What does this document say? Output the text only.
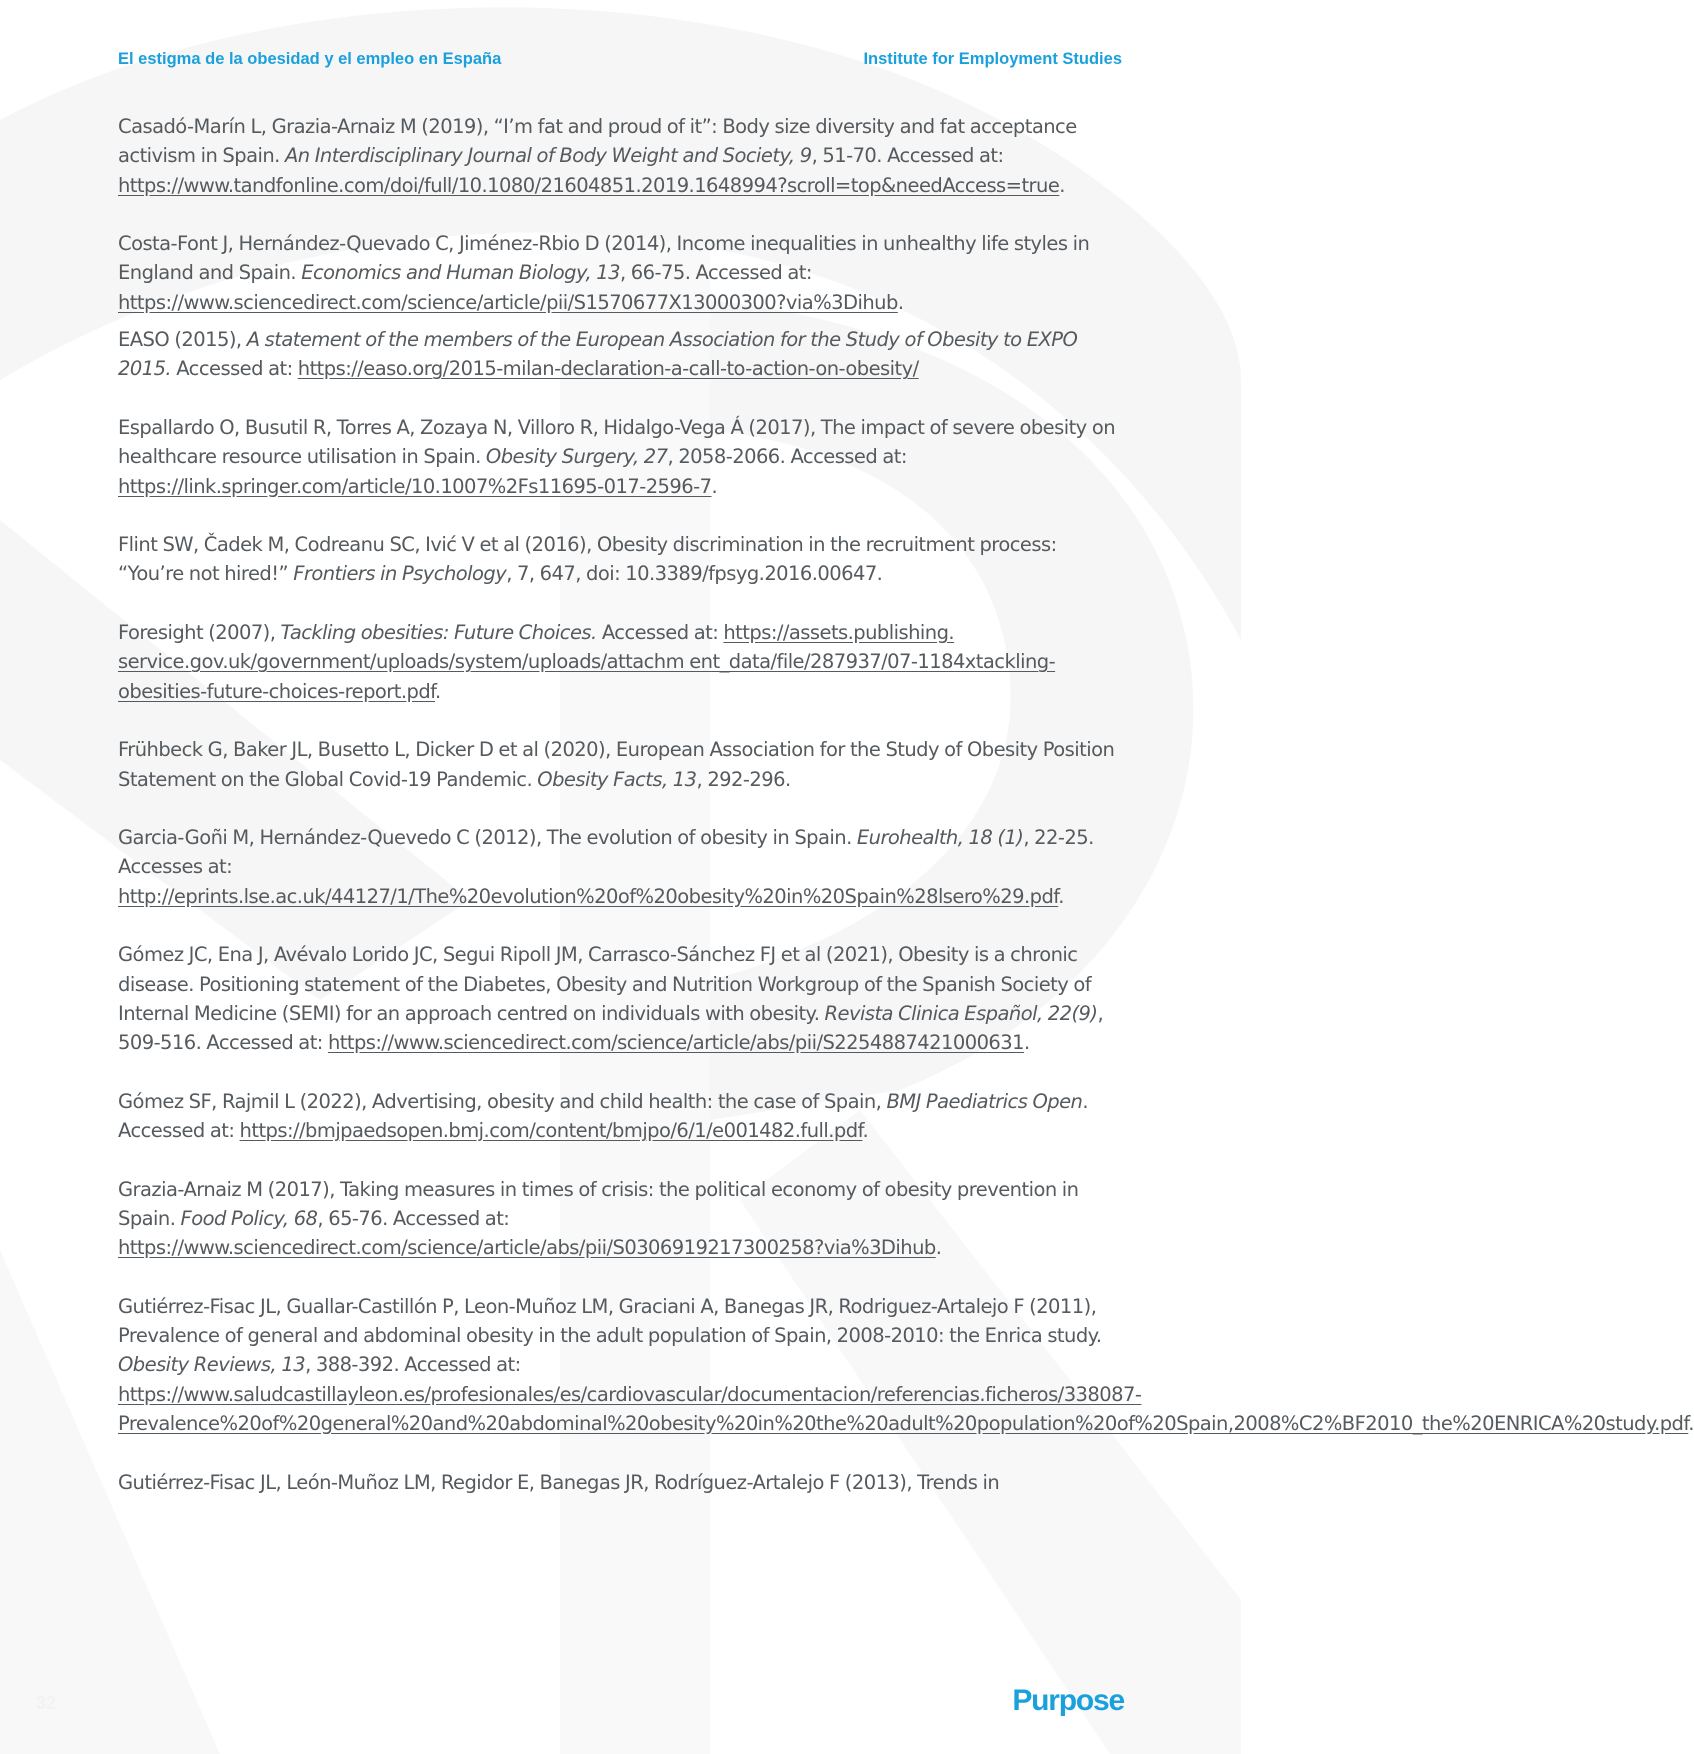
El estigma de la obesidad y el empleo en España	Institute for Employment Studies

Casadó-Marín L, Grazia-Arnaiz M (2019), “I’m fat and proud of it”: Body size diversity and fat acceptance activism in Spain. An Interdisciplinary Journal of Body Weight and Society, 9, 51-70. Accessed at: https://www.tandfonline.com/doi/full/10.1080/21604851.2019.1648994?scroll=top&needAccess=true.

Costa-Font J, Hernández-Quevado C, Jiménez-Rbio D (2014), Income inequalities in unhealthy life styles in England and Spain. Economics and Human Biology, 13, 66-75. Accessed at: https://www.sciencedirect.com/science/article/pii/S1570677X13000300?via%3Dihub.

EASO (2015), A statement of the members of the European Association for the Study of Obesity to EXPO 2015. Accessed at: https://easo.org/2015-milan-declaration-a-call-to-action-on-obesity/

Espallardo O, Busutil R, Torres A, Zozaya N, Villoro R, Hidalgo-Vega Á (2017), The impact of severe obesity on healthcare resource utilisation in Spain. Obesity Surgery, 27, 2058-2066. Accessed at: https://link.springer.com/article/10.1007%2Fs11695-017-2596-7.

Flint SW, Čadek M, Codreanu SC, Ivić V et al (2016), Obesity discrimination in the recruitment process: “You’re not hired!” Frontiers in Psychology, 7, 647, doi: 10.3389/fpsyg.2016.00647.

Foresight (2007), Tackling obesities: Future Choices. Accessed at: https://assets.publishing. service.gov.uk/government/uploads/system/uploads/attachm ent_data/file/287937/07-1184xtackling-obesities-future-choices-report.pdf.

Frühbeck G, Baker JL, Busetto L, Dicker D et al (2020), European Association for the Study of Obesity Position Statement on the Global Covid-19 Pandemic. Obesity Facts, 13, 292-296.

Garcia-Goñi M, Hernández-Quevedo C (2012), The evolution of obesity in Spain. Eurohealth, 18 (1), 22-25. Accesses at: http://eprints.lse.ac.uk/44127/1/The%20evolution%20of%20obesity%20in%20Spain%28lsero%29.pdf.

Gómez JC, Ena J, Avévalo Lorido JC, Segui Ripoll JM, Carrasco-Sánchez FJ et al (2021), Obesity is a chronic disease. Positioning statement of the Diabetes, Obesity and Nutrition Workgroup of the Spanish Society of Internal Medicine (SEMI) for an approach centred on individuals with obesity. Revista Clinica Español, 22(9), 509-516. Accessed at: https://www.sciencedirect.com/science/article/abs/pii/S2254887421000631.

Gómez SF, Rajmil L (2022), Advertising, obesity and child health: the case of Spain, BMJ Paediatrics Open. Accessed at: https://bmjpaedsopen.bmj.com/content/bmjpo/6/1/e001482.full.pdf.

Grazia-Arnaiz M (2017), Taking measures in times of crisis: the political economy of obesity prevention in Spain. Food Policy, 68, 65-76. Accessed at: https://www.sciencedirect.com/science/article/abs/pii/S0306919217300258?via%3Dihub.

Gutiérrez-Fisac JL, Guallar-Castillón P, Leon-Muñoz LM, Graciani A, Banegas JR, Rodriguez-Artalejo F (2011), Prevalence of general and abdominal obesity in the adult population of Spain, 2008-2010: the Enrica study. Obesity Reviews, 13, 388-392. Accessed at: https://www.saludcastillayleon.es/profesionales/es/cardiovascular/documentacion/referencias.ficheros/338087-Prevalence%20of%20general%20and%20abdominal%20obesity%20in%20the%20adult%20population%20of%20Spain,2008%C2%BF2010_the%20ENRICA%20study.pdf.

Gutiérrez-Fisac JL, León-Muñoz LM, Regidor E, Banegas JR, Rodríguez-Artalejo F (2013), Trends in

32	Purpose
